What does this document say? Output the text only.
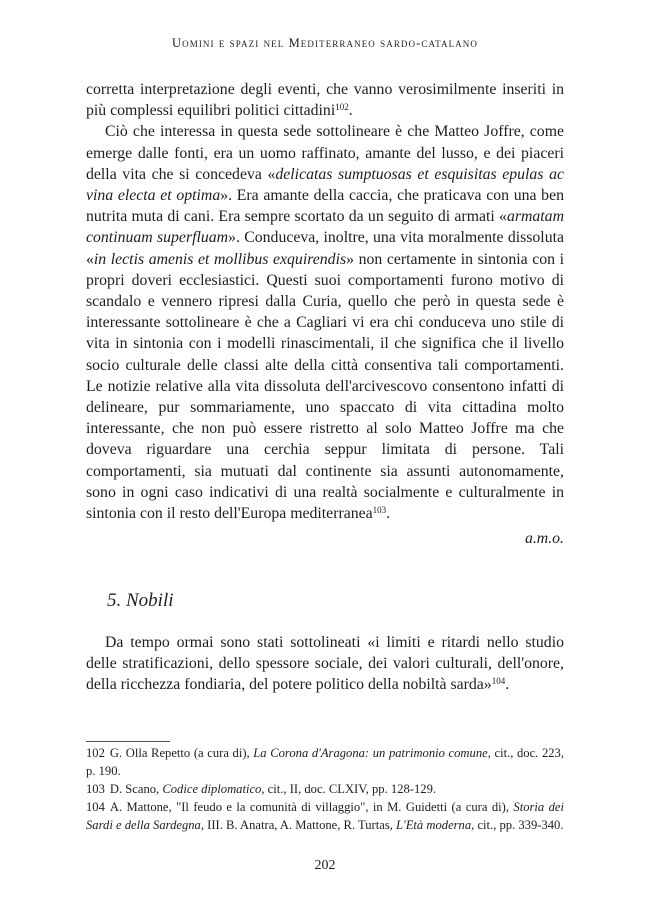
Uomini e spazi nel Mediterraneo sardo-catalano

corretta interpretazione degli eventi, che vanno verosimilmente inseriti in più complessi equilibri politici cittadini$^{102}$.

Ciò che interessa in questa sede sottolineare è che Matteo Joffre, come emerge dalle fonti, era un uomo raffinato, amante del lusso, e dei piaceri della vita che si concedeva «delicatas sumptuosas et esquisitas epulas ac vina electa et optima». Era amante della caccia, che praticava con una ben nutrita muta di cani. Era sempre scortato da un seguito di armati «armatam continuam superfluam». Conduceva, inoltre, una vita moralmente dissoluta «in lectis amenis et mollibus exquirendis» non certamente in sintonia con i propri doveri ecclesiastici. Questi suoi comportamenti furono motivo di scandalo e vennero ripresi dalla Curia, quello che però in questa sede è interessante sottolineare è che a Cagliari vi era chi conduceva uno stile di vita in sintonia con i modelli rinascimentali, il che significa che il livello socio culturale delle classi alte della città consentiva tali comportamenti. Le notizie relative alla vita dissoluta dell'arcivescovo consentono infatti di delineare, pur sommariamente, uno spaccato di vita cittadina molto interessante, che non può essere ristretto al solo Matteo Joffre ma che doveva riguardare una cerchia seppur limitata di persone. Tali comportamenti, sia mutuati dal continente sia assunti autonomamente, sono in ogni caso indicativi di una realtà socialmente e culturalmente in sintonia con il resto dell'Europa mediterranea$^{103}$.

a.m.o.
5. Nobili

Da tempo ormai sono stati sottolineati «i limiti e ritardi nello studio delle stratificazioni, dello spessore sociale, dei valori culturali, dell'onore, della ricchezza fondiaria, del potere politico della nobiltà sarda»$^{104}$.

102 G. Olla Repetto (a cura di), La Corona d'Aragona: un patrimonio comune, cit., doc. 223, p. 190.
103 D. Scano, Codice diplomatico, cit., II, doc. CLXIV, pp. 128-129.
104 A. Mattone, "Il feudo e la comunità di villaggio", in M. Guidetti (a cura di), Storia dei Sardi e della Sardegna, III. B. Anatra, A. Mattone, R. Turtas, L'Età moderna, cit., pp. 339-340.
202
